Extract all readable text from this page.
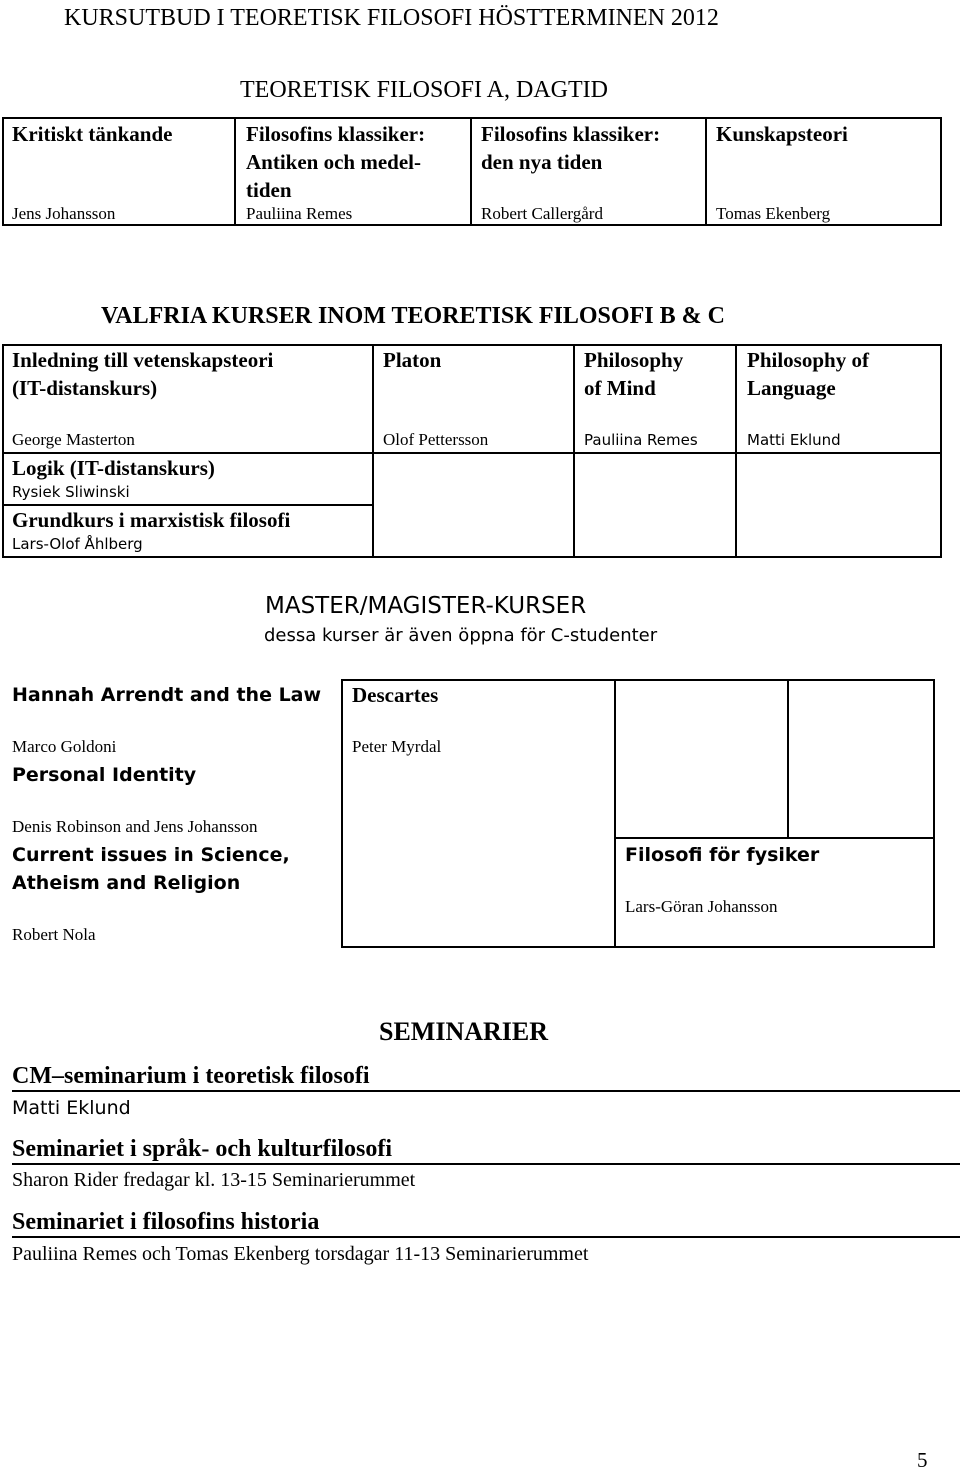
KURSUTBUD I TEORETISK FILOSOFI HÖSTTERMINEN 2012
TEORETISK FILOSOFI A, DAGTID
Kritiskt tänkande
Jens Johansson
Filosofins klassiker:
Antiken och medel-
tiden
Pauliina Remes
Filosofins klassiker:
den nya tiden
Robert Callergård
Kunskapsteori
Tomas Ekenberg
VALFRIA KURSER INOM TEORETISK FILOSOFI B & C
Inledning till vetenskapsteori
(IT-distanskurs)
George Masterton
Platon
Olof Pettersson
Philosophy
of Mind
Pauliina Remes
Philosophy of
Language
Matti Eklund
Logik (IT-distanskurs)
Rysiek Sliwinski
Grundkurs i marxistisk filosofi
Lars-Olof Åhlberg
MASTER/MAGISTER-KURSER
dessa kurser är även öppna för C-studenter
Hannah Arrendt and the Law
Marco Goldoni
Descartes
Peter Myrdal
Personal Identity
Denis Robinson and Jens Johansson
Current issues in Science,
Atheism and Religion
Robert Nola
Filosofi för fysiker
Lars-Göran Johansson
SEMINARIER
CM–seminarium i teoretisk filosofi
Matti Eklund
Seminariet i språk- och kulturfilosofi
Sharon Rider fredagar kl. 13-15 Seminarierummet
Seminariet i filosofins historia
Pauliina Remes och Tomas Ekenberg torsdagar 11-13 Seminarierummet
5
